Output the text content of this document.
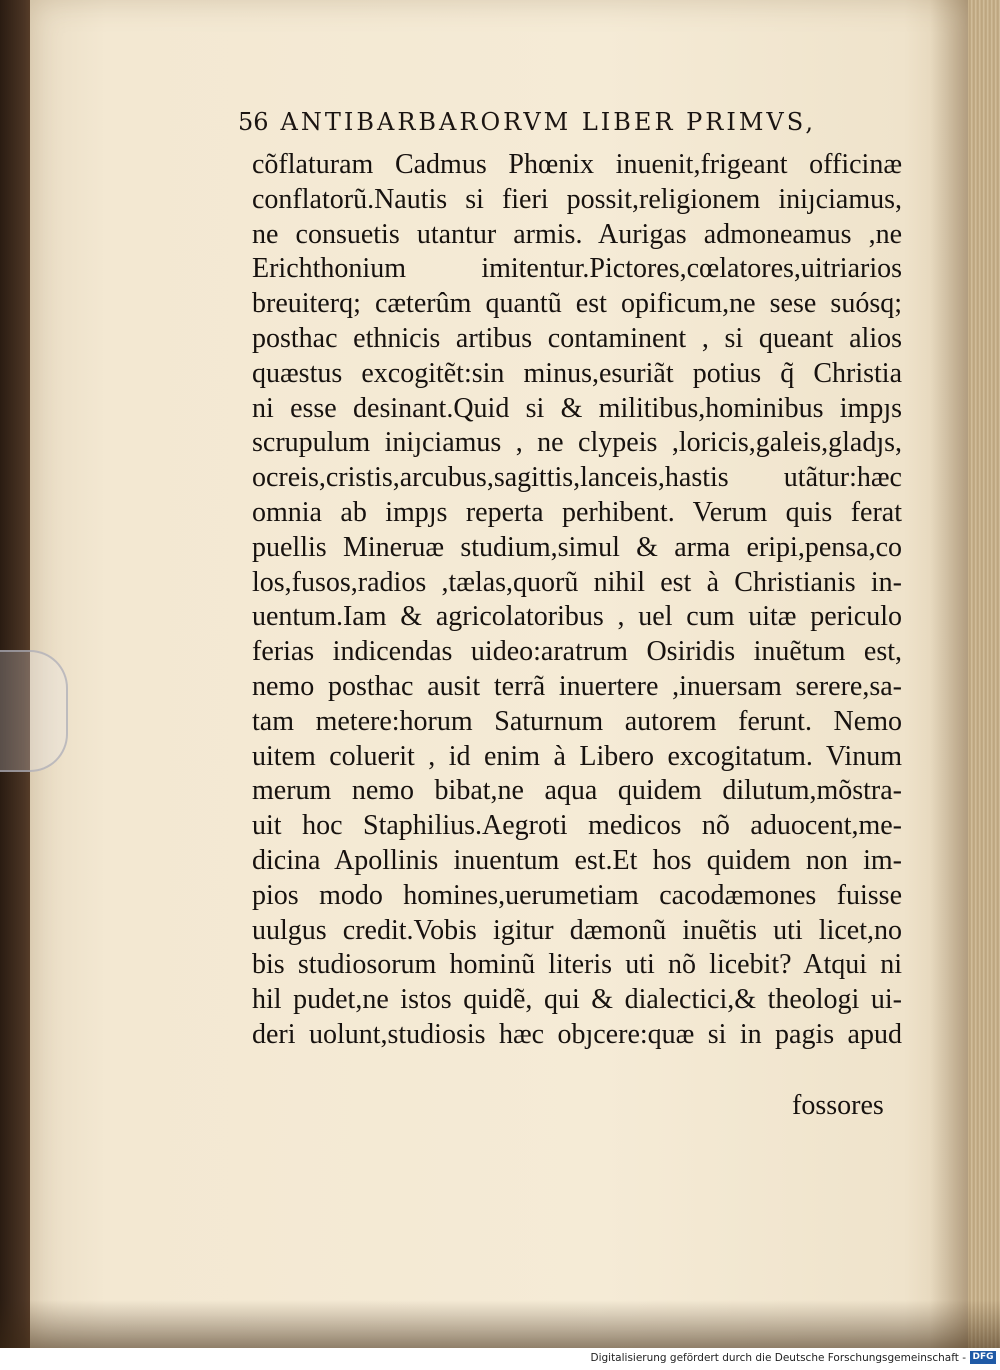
56 ANTIBARBARORVM LIBER PRIMVS,
cõflaturam Cadmus Phœnix inuenit,frigeant officinæ
conflatorũ.Nautis si fieri possit,religionem iniȷciamus,
ne consuetis utantur armis. Aurigas admoneamus ,ne
Erichthonium imitentur.Pictores,cœlatores,uitriarios
breuiterq; cæterûm quantũ est opificum,ne sese suósq;
posthac ethnicis artibus contaminent , si queant alios
quæstus excogitẽt:sin minus,esuriãt potius q̃ Christia
ni esse desinant.Quid si & militibus,hominibus impȷs
scrupulum iniȷciamus , ne clypeis ,loricis,galeis,gladȷs,
ocreis,cristis,arcubus,sagittis,lanceis,hastis utãtur:hæc
omnia ab impȷs reperta perhibent. Verum quis ferat
puellis Mineruæ studium,simul & arma eripi,pensa,co
los,fusos,radios ,tælas,quorũ nihil est à Christianis in-
uentum.Iam & agricolatoribus , uel cum uitæ periculo
ferias indicendas uideo:aratrum Osiridis inuẽtum est,
nemo posthac ausit terrã inuertere ,inuersam serere,sa-
tam metere:horum Saturnum autorem ferunt. Nemo
uitem coluerit , id enim à Libero excogitatum. Vinum
merum nemo bibat,ne aqua quidem dilutum,mõstra-
uit hoc Staphilius.Aegroti medicos nõ aduocent,me-
dicina Apollinis inuentum est.Et hos quidem non im-
pios modo homines,uerumetiam cacodæmones fuisse
uulgus credit.Vobis igitur dæmonũ inuẽtis uti licet,no
bis studiosorum hominũ literis uti nõ licebit? Atqui ni
hil pudet,ne istos quidẽ, qui & dialectici,& theologi ui-
deri uolunt,studiosis hæc obȷcere:quæ si in pagis apud
fossores
Digitalisierung gefördert durch die Deutsche Forschungsgemeinschaft - DFG
